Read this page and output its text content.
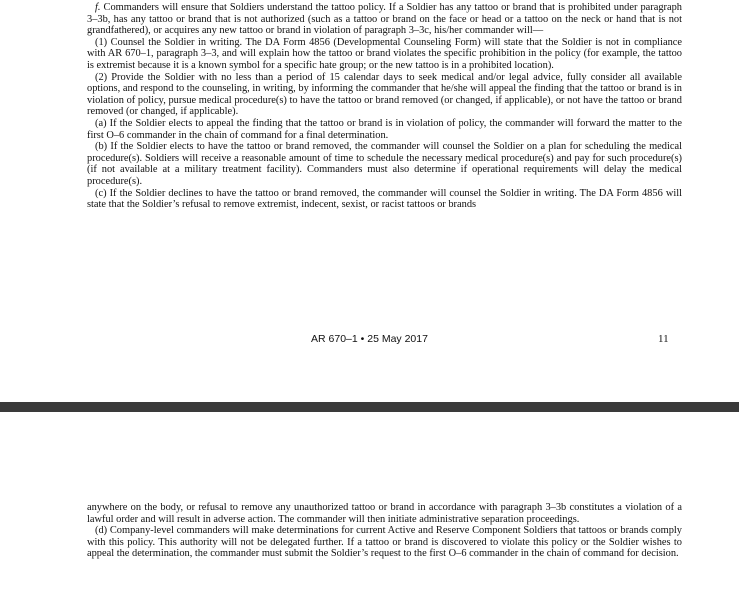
f. Commanders will ensure that Soldiers understand the tattoo policy. If a Soldier has any tattoo or brand that is prohibited under paragraph 3–3b, has any tattoo or brand that is not authorized (such as a tattoo or brand on the face or head or a tattoo on the neck or hand that is not grandfathered), or acquires any new tattoo or brand in violation of paragraph 3–3c, his/her commander will—

(1) Counsel the Soldier in writing. The DA Form 4856 (Developmental Counseling Form) will state that the Soldier is not in compliance with AR 670–1, paragraph 3–3, and will explain how the tattoo or brand violates the specific prohibition in the policy (for example, the tattoo is extremist because it is a known symbol for a specific hate group; or the new tattoo is in a prohibited location).

(2) Provide the Soldier with no less than a period of 15 calendar days to seek medical and/or legal advice, fully consider all available options, and respond to the counseling, in writing, by informing the commander that he/she will appeal the finding that the tattoo or brand is in violation of policy, pursue medical procedure(s) to have the tattoo or brand removed (or changed, if applicable), or not have the tattoo or brand removed (or changed, if applicable).

(a) If the Soldier elects to appeal the finding that the tattoo or brand is in violation of policy, the commander will forward the matter to the first O–6 commander in the chain of command for a final determination.

(b) If the Soldier elects to have the tattoo or brand removed, the commander will counsel the Soldier on a plan for scheduling the medical procedure(s). Soldiers will receive a reasonable amount of time to schedule the necessary medical procedure(s) and pay for such procedure(s) (if not available at a military treatment facility). Commanders must also determine if operational requirements will delay the medical procedure(s).

(c) If the Soldier declines to have the tattoo or brand removed, the commander will counsel the Soldier in writing. The DA Form 4856 will state that the Soldier’s refusal to remove extremist, indecent, sexist, or racist tattoos or brands

AR 670–1 • 25 May 2017	11

anywhere on the body, or refusal to remove any unauthorized tattoo or brand in accordance with paragraph 3–3b constitutes a violation of a lawful order and will result in adverse action. The commander will then initiate administrative separation proceedings.

(d) Company-level commanders will make determinations for current Active and Reserve Component Soldiers that tattoos or brands comply with this policy. This authority will not be delegated further. If a tattoo or brand is discovered to violate this policy or the Soldier wishes to appeal the determination, the commander must submit the Soldier’s request to the first O–6 commander in the chain of command for decision.
